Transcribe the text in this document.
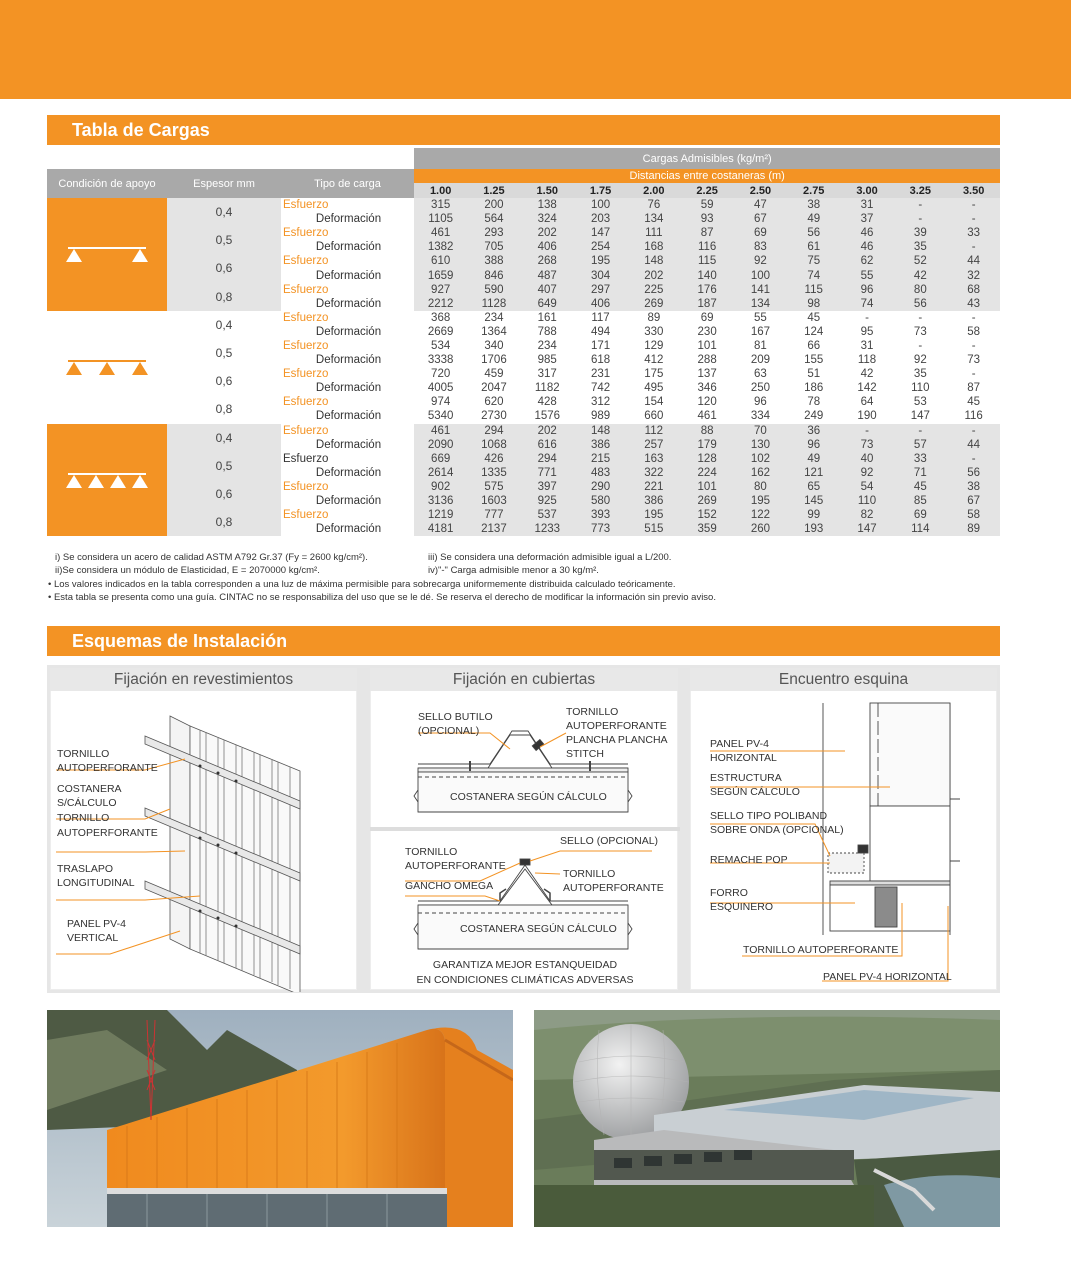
Tabla de Cargas
			Cargas Admisibles (kg/m²)										
Condición de apoyo	Espesor mm	Tipo de carga	Distancias entre costaneras (m)										
			1.00	1.25	1.50	1.75	2.00	2.25	2.50	2.75	3.00	3.25	3.50

	0,4	Esfuerzo	315	200	138	100	76	59	47	38	31	-	-
		Deformación	1105	564	324	203	134	93	67	49	37	-	-
	0,5	Esfuerzo	461	293	202	147	111	87	69	56	46	39	33
		Deformación	1382	705	406	254	168	116	83	61	46	35	-
	0,6	Esfuerzo	610	388	268	195	148	115	92	75	62	52	44
		Deformación	1659	846	487	304	202	140	100	74	55	42	32
	0,8	Esfuerzo	927	590	407	297	225	176	141	115	96	80	68
		Deformación	2212	1128	649	406	269	187	134	98	74	56	43

	0,4	Esfuerzo	368	234	161	117	89	69	55	45	-	-	-
		Deformación	2669	1364	788	494	330	230	167	124	95	73	58
	0,5	Esfuerzo	534	340	234	171	129	101	81	66	31	-	-
		Deformación	3338	1706	985	618	412	288	209	155	118	92	73
	0,6	Esfuerzo	720	459	317	231	175	137	63	51	42	35	-
		Deformación	4005	2047	1182	742	495	346	250	186	142	110	87
	0,8	Esfuerzo	974	620	428	312	154	120	96	78	64	53	45
		Deformación	5340	2730	1576	989	660	461	334	249	190	147	116

	0,4	Esfuerzo	461	294	202	148	112	88	70	36	-	-	-
		Deformación	2090	1068	616	386	257	179	130	96	73	57	44
	0,5	Esfuerzo	669	426	294	215	163	128	102	49	40	33	-
		Deformación	2614	1335	771	483	322	224	162	121	92	71	56
	0,6	Esfuerzo	902	575	397	290	221	101	80	65	54	45	38
		Deformación	3136	1603	925	580	386	269	195	145	110	85	67
	0,8	Esfuerzo	1219	777	537	393	195	152	122	99	82	69	58
		Deformación	4181	2137	1233	773	515	359	260	193	147	114	89
i) Se considera un acero de calidad ASTM A792 Gr.37 (Fy = 2600 kg/cm²).
ii)Se considera un módulo de Elasticidad, E = 2070000 kg/cm².
iii) Se considera una deformación admisible igual a L/200.
iv)"-" Carga admisible menor a 30 kg/m².
• Los valores indicados en la tabla corresponden a una luz de máxima permisible para sobrecarga uniformemente distribuida calculado teóricamente.
• Esta tabla se presenta como una guía. CINTAC no se responsabiliza del uso que se le dé. Se reserva el derecho de modificar la información sin previo aviso.
Esquemas de Instalación
Fijación en revestimientos
TORNILLO
AUTOPERFORANTE
COSTANERA
S/CÁLCULO
TORNILLO
AUTOPERFORANTE
TRASLAPO
LONGITUDINAL
PANEL PV-4
VERTICAL
Fijación en cubiertas
SELLO BUTILO
(OPCIONAL)
TORNILLO
AUTOPERFORANTE
PLANCHA PLANCHA
STITCH
COSTANERA SEGÚN CÁLCULO
TORNILLO
AUTOPERFORANTE
SELLO (OPCIONAL)
TORNILLO
AUTOPERFORANTE
GANCHO OMEGA
COSTANERA SEGÚN CÁLCULO
GARANTIZA MEJOR ESTANQUEIDAD
EN CONDICIONES CLIMÁTICAS ADVERSAS
Encuentro esquina
PANEL PV-4
HORIZONTAL
ESTRUCTURA
SEGÚN CÁLCULO
SELLO TIPO POLIBAND
SOBRE ONDA (OPCIONAL)
REMACHE POP
FORRO
ESQUINERO
TORNILLO AUTOPERFORANTE
PANEL PV-4 HORIZONTAL
